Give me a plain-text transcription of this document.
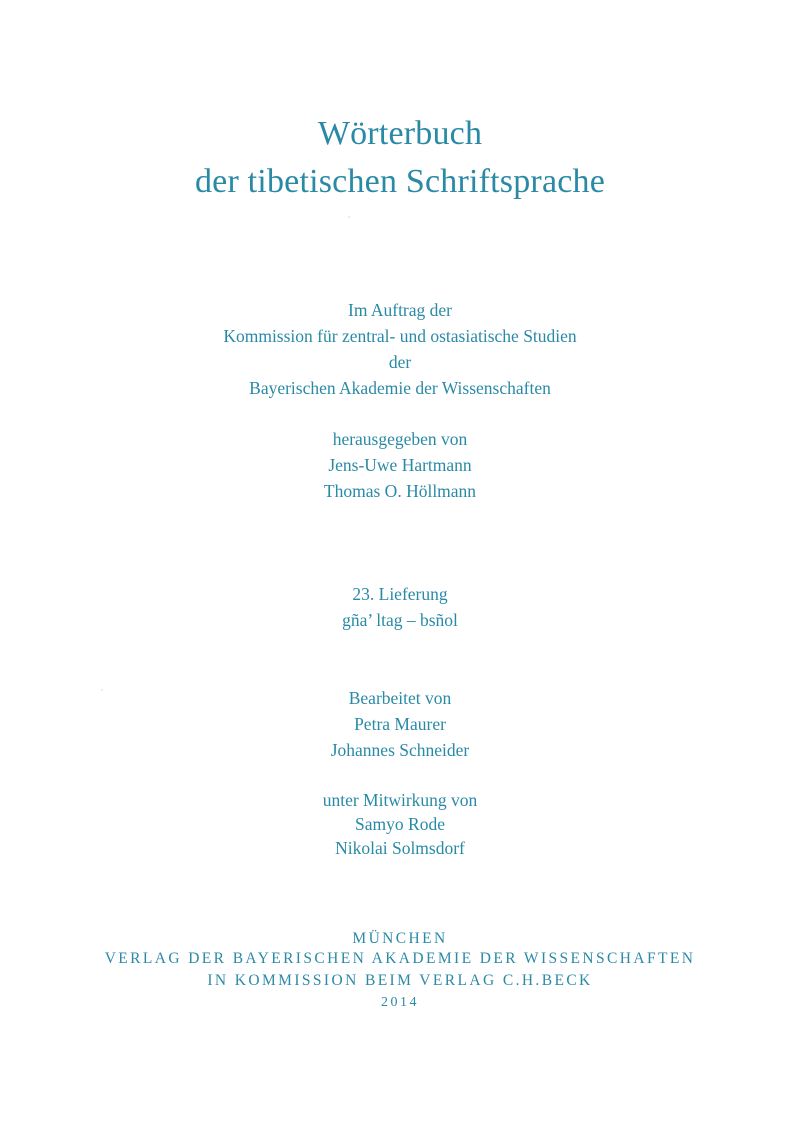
Wörterbuch
der tibetischen Schriftsprache
Im Auftrag der
Kommission für zentral- und ostasiatische Studien
der
Bayerischen Akademie der Wissenschaften
herausgegeben von
Jens-Uwe Hartmann
Thomas O. Höllmann
23. Lieferung
gña’ ltag – bsñol
Bearbeitet von
Petra Maurer
Johannes Schneider
unter Mitwirkung von
Samyo Rode
Nikolai Solmsdorf
MÜNCHEN
VERLAG DER BAYERISCHEN AKADEMIE DER WISSENSCHAFTEN
IN KOMMISSION BEIM VERLAG C.H.BECK
2014
